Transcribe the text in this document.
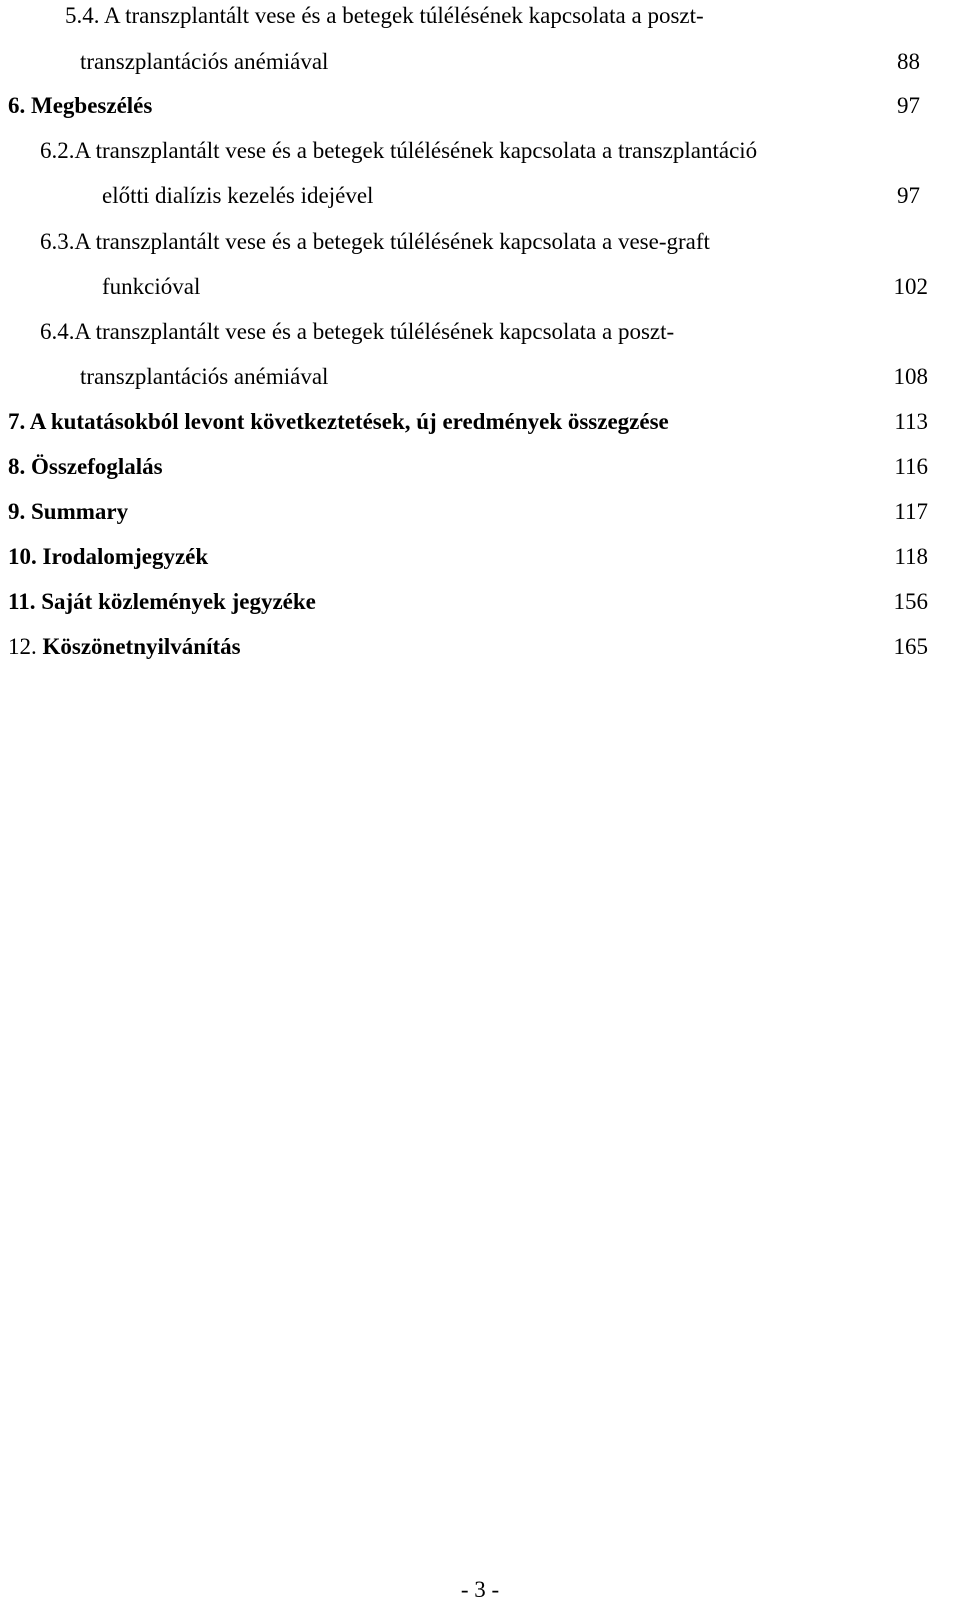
5.4. A transzplantált vese és a betegek túlélésének kapcsolata a poszt-
transzplantációs anémiával	88
6. Megbeszélés	97
6.2.A transzplantált vese és a betegek túlélésének kapcsolata a transzplantáció
előtti dialízis kezelés idejével	97
6.3.A transzplantált vese és a betegek túlélésének kapcsolata a vese-graft
funkcióval	102
6.4.A transzplantált vese és a betegek túlélésének kapcsolata a poszt-
transzplantációs anémiával	108
7. A kutatásokból levont következtetések, új eredmények összegzése	113
8. Összefoglalás	116
9. Summary	117
10. Irodalomjegyzék	118
11. Saját közlemények jegyzéke	156
12. Köszönetnyilvánítás	165
- 3 -
